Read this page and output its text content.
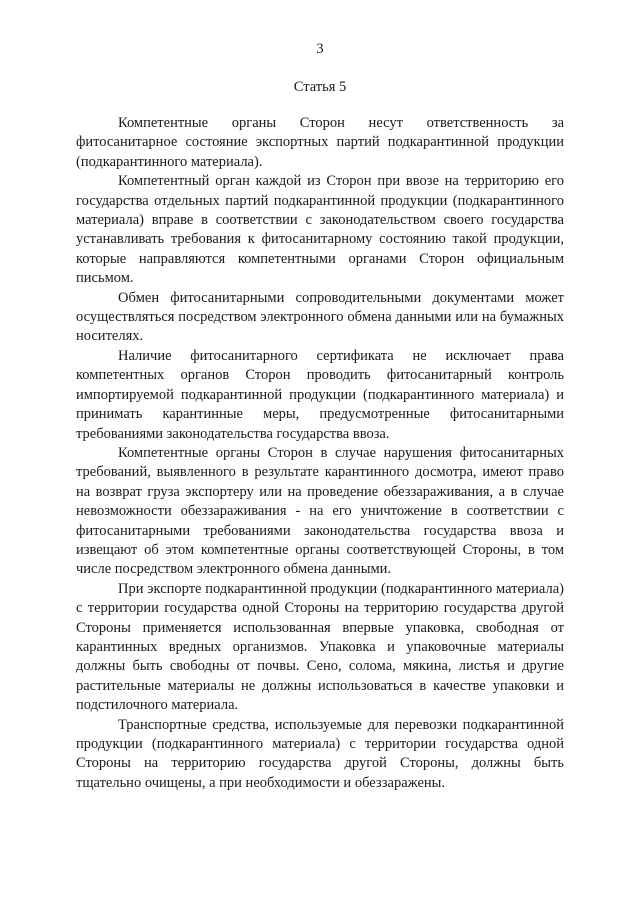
3
Статья 5

Компетентные органы Сторон несут ответственность за фитосанитарное состояние экспортных партий подкарантинной продукции (подкарантинного материала).

Компетентный орган каждой из Сторон при ввозе на территорию его государства отдельных партий подкарантинной продукции (подкарантинного материала) вправе в соответствии с законодательством своего государства устанавливать требования к фитосанитарному состоянию такой продукции, которые направляются компетентными органами Сторон официальным письмом.

Обмен фитосанитарными сопроводительными документами может осуществляться посредством электронного обмена данными или на бумажных носителях.

Наличие фитосанитарного сертификата не исключает права компетентных органов Сторон проводить фитосанитарный контроль импортируемой подкарантинной продукции (подкарантинного материала) и принимать карантинные меры, предусмотренные фитосанитарными требованиями законодательства государства ввоза.

Компетентные органы Сторон в случае нарушения фитосанитарных требований, выявленного в результате карантинного досмотра, имеют право на возврат груза экспортеру или на проведение обеззараживания, а в случае невозможности обеззараживания - на его уничтожение в соответствии с фитосанитарными требованиями законодательства государства ввоза и извещают об этом компетентные органы соответствующей Стороны, в том числе посредством электронного обмена данными.

При экспорте подкарантинной продукции (подкарантинного материала) с территории государства одной Стороны на территорию государства другой Стороны применяется использованная впервые упаковка, свободная от карантинных вредных организмов. Упаковка и упаковочные материалы должны быть свободны от почвы. Сено, солома, мякина, листья и другие растительные материалы не должны использоваться в качестве упаковки и подстилочного материала.

Транспортные средства, используемые для перевозки подкарантинной продукции (подкарантинного материала) с территории государства одной Стороны на территорию государства другой Стороны, должны быть тщательно очищены, а при необходимости и обеззаражены.
